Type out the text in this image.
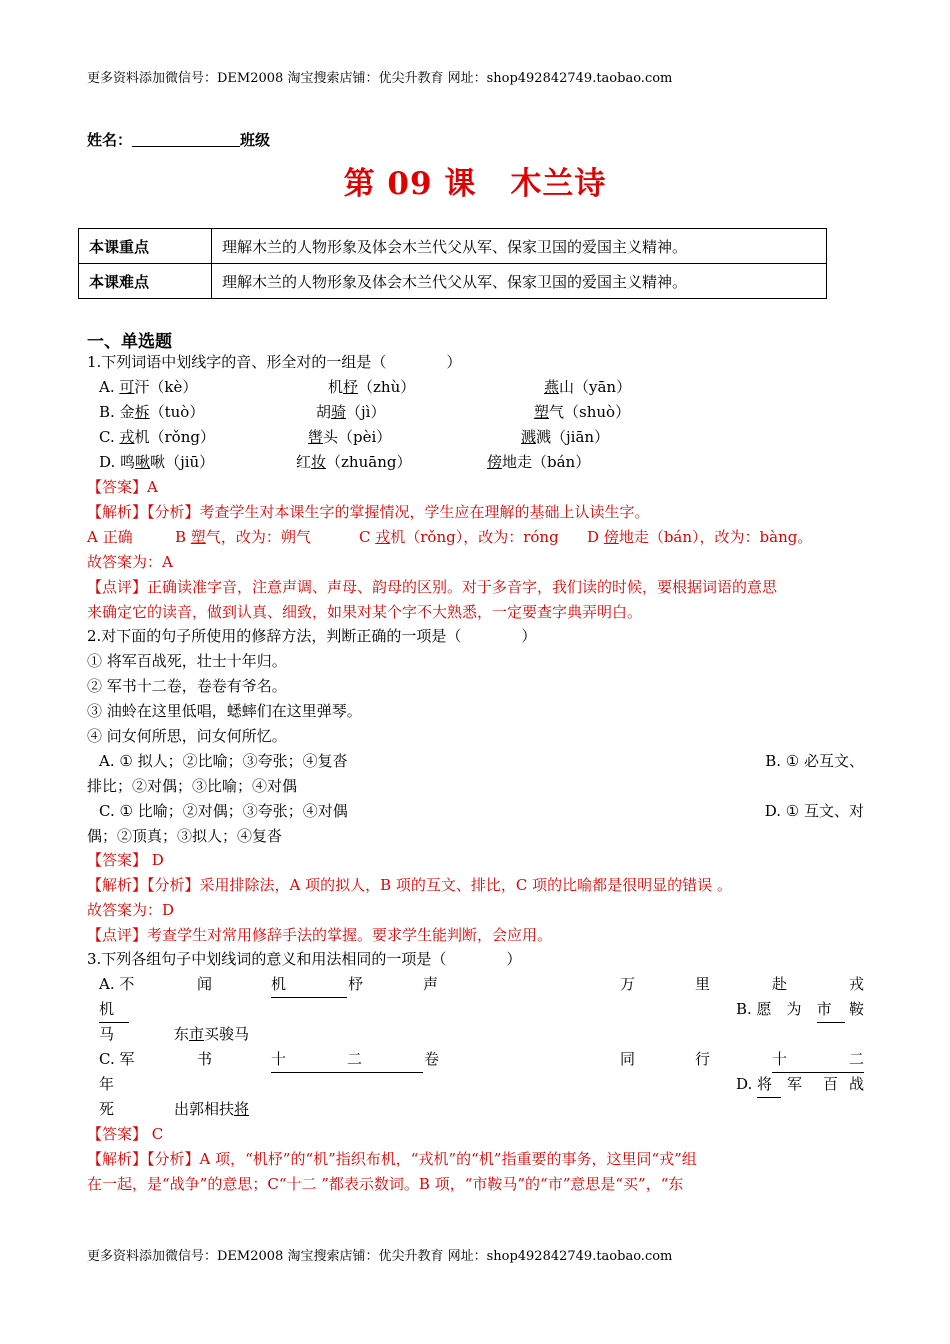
更多资料添加微信号：DEM2008 淘宝搜索店铺：优尖升教育 网址：shop492842749.taobao.com
姓名：	班级
第 09 课 木兰诗
本课重点	理解木兰的人物形象及体会木兰代父从军、保家卫国的爱国主义精神。
本课难点	理解木兰的人物形象及体会木兰代父从军、保家卫国的爱国主义精神。
一、单选题
1.下列词语中划线字的音、形全对的一组是（　　　　）
A. 可汗（kè）	机杼（zhù）	燕山（yān）
B. 金柝（tuò）	胡骑（jì）	塑气（shuò）
C. 戎机（rǒng）	辔头（pèi）	溅溅（jiān）
D. 鸣啾啾（jiū）	红妆（zhuāng）	傍地走（bán）
【答案】A
【解析】【分析】考查学生对本课生字的掌握情况，学生应在理解的基础上认读生字。
A 正确	B 塑气，改为：朔气	C 戎机（rǒng），改为：róng D 傍地走（bán），改为：bàng。
故答案为：A
【点评】正确读准字音，注意声调、声母、韵母的区别。对于多音字，我们读的时候，要根据词语的意思
来确定它的读音，做到认真、细致，如果对某个字不大熟悉，一定要查字典弄明白。
2.对下面的句子所使用的修辞方法，判断正确的一项是（　　　　）
① 将军百战死，壮士十年归。
② 军书十二卷，卷卷有爷名。
③ 油蛉在这里低唱，蟋蟀们在这里弹琴。
④ 问女何所思，问女何所忆。
A. ① 拟人；②比喻；③夸张；④复沓	B. ① 必互文、
排比；②对偶；③比喻；④对偶
C. ① 比喻；②对偶；③夸张；④对偶	D. ① 互文、对
偶；②顶真；③拟人；④复沓
【答案】 D
【解析】【分析】采用排除法，A 项的拟人，B 项的互文、排比，C 项的比喻都是很明显的错误 。
故答案为：D
【点评】考查学生对常用修辞手法的掌握。要求学生能判断，会应用。
3.下列各组句子中划线词的意义和用法相同的一项是（　　　　）
A. 不	闻	机	杼	声	万	里	赴	戎
机	B. 愿　为　 市	鞍
马	东市买骏马
C. 军	书	十	二	卷	同	行	十	二
年	D. 将 军 百 战
死	出郭相扶将
【答案】 C
【解析】【分析】A 项，“机杼”的“机”指织布机，“戎机”的“机”指重要的事务，这里同“戎”组
在一起，是“战争”的意思；C“十二 ”都表示数词。B 项，“市鞍马”的“市”意思是“买”，“东
更多资料添加微信号：DEM2008 淘宝搜索店铺：优尖升教育 网址：shop492842749.taobao.com
